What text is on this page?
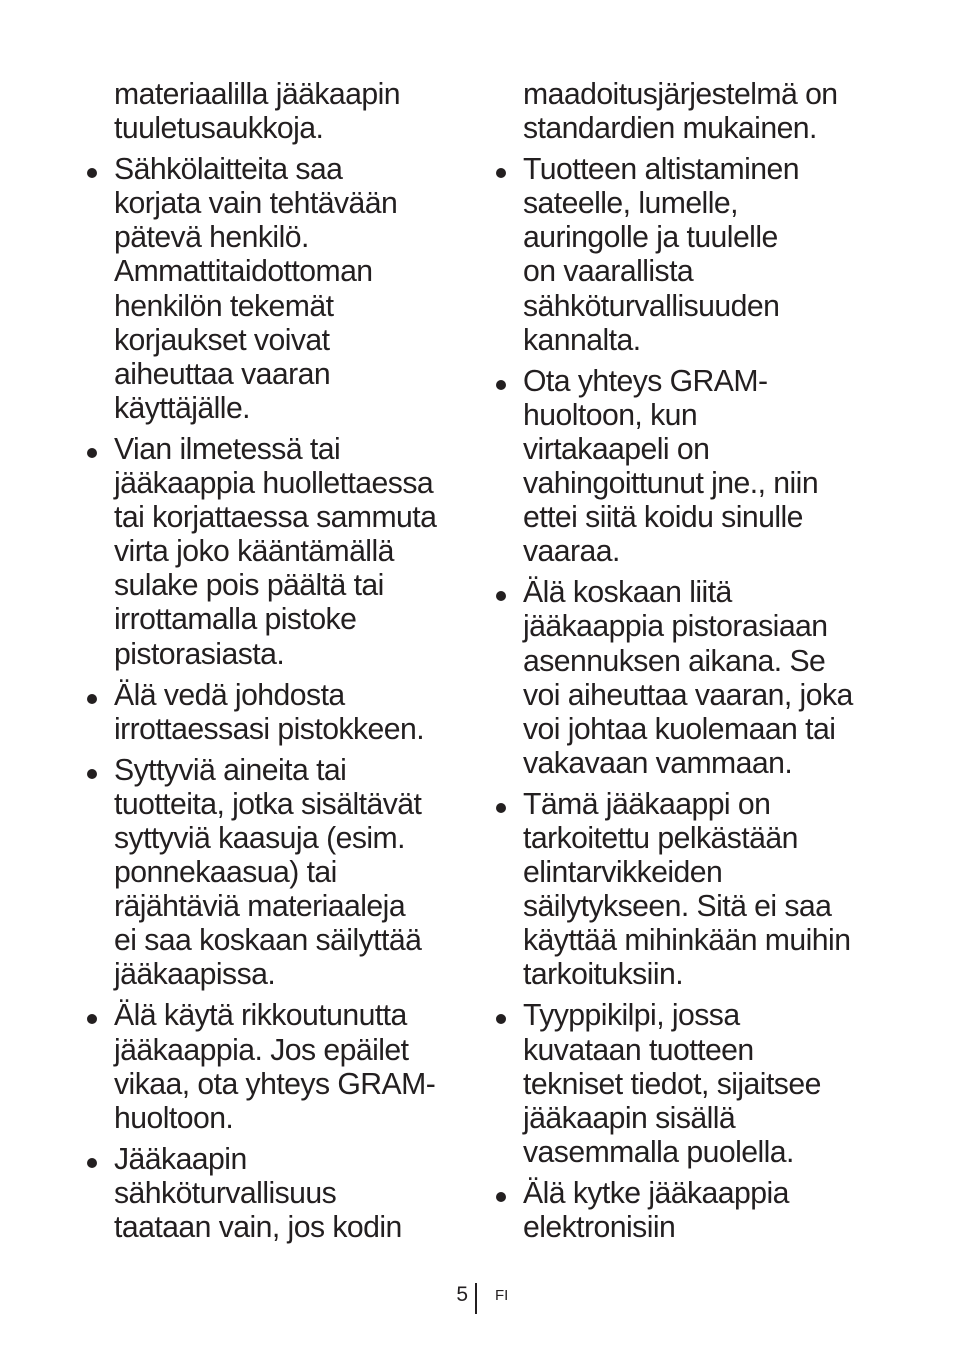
materiaalilla jääkaapin
tuuletusaukkoja.
Sähkölaitteita saa
korjata vain tehtävään
pätevä henkilö.
Ammattitaidottoman
henkilön tekemät
korjaukset voivat
aiheuttaa vaaran
käyttäjälle.
Vian ilmetessä tai
jääkaappia huollettaessa
tai korjattaessa sammuta
virta joko kääntämällä
sulake pois päältä tai
irrottamalla pistoke
pistorasiasta.
Älä vedä johdosta
irrottaessasi pistokkeen.
Syttyviä aineita tai
tuotteita, jotka sisältävät
syttyviä kaasuja (esim.
ponnekaasua) tai
räjähtäviä materiaaleja
ei saa koskaan säilyttää
jääkaapissa.
Älä käytä rikkoutunutta
jääkaappia. Jos epäilet
vikaa, ota yhteys GRAM-
huoltoon.
Jääkaapin
sähköturvallisuus
taataan vain, jos kodin
maadoitusjärjestelmä on
standardien mukainen.
Tuotteen altistaminen
sateelle, lumelle,
auringolle ja tuulelle
on vaarallista
sähköturvallisuuden
kannalta.
Ota yhteys GRAM-
huoltoon, kun
virtakaapeli on
vahingoittunut jne., niin
ettei siitä koidu sinulle
vaaraa.
Älä koskaan liitä
jääkaappia pistorasiaan
asennuksen aikana. Se
voi aiheuttaa vaaran, joka
voi johtaa kuolemaan tai
vakavaan vammaan.
Tämä jääkaappi on
tarkoitettu pelkästään
elintarvikkeiden
säilytykseen. Sitä ei saa
käyttää mihinkään muihin
tarkoituksiin.
Tyyppikilpi, jossa
kuvataan tuotteen
tekniset tiedot, sijaitsee
jääkaapin sisällä
vasemmalla puolella.
Älä kytke jääkaappia
elektronisiin
5 FI
